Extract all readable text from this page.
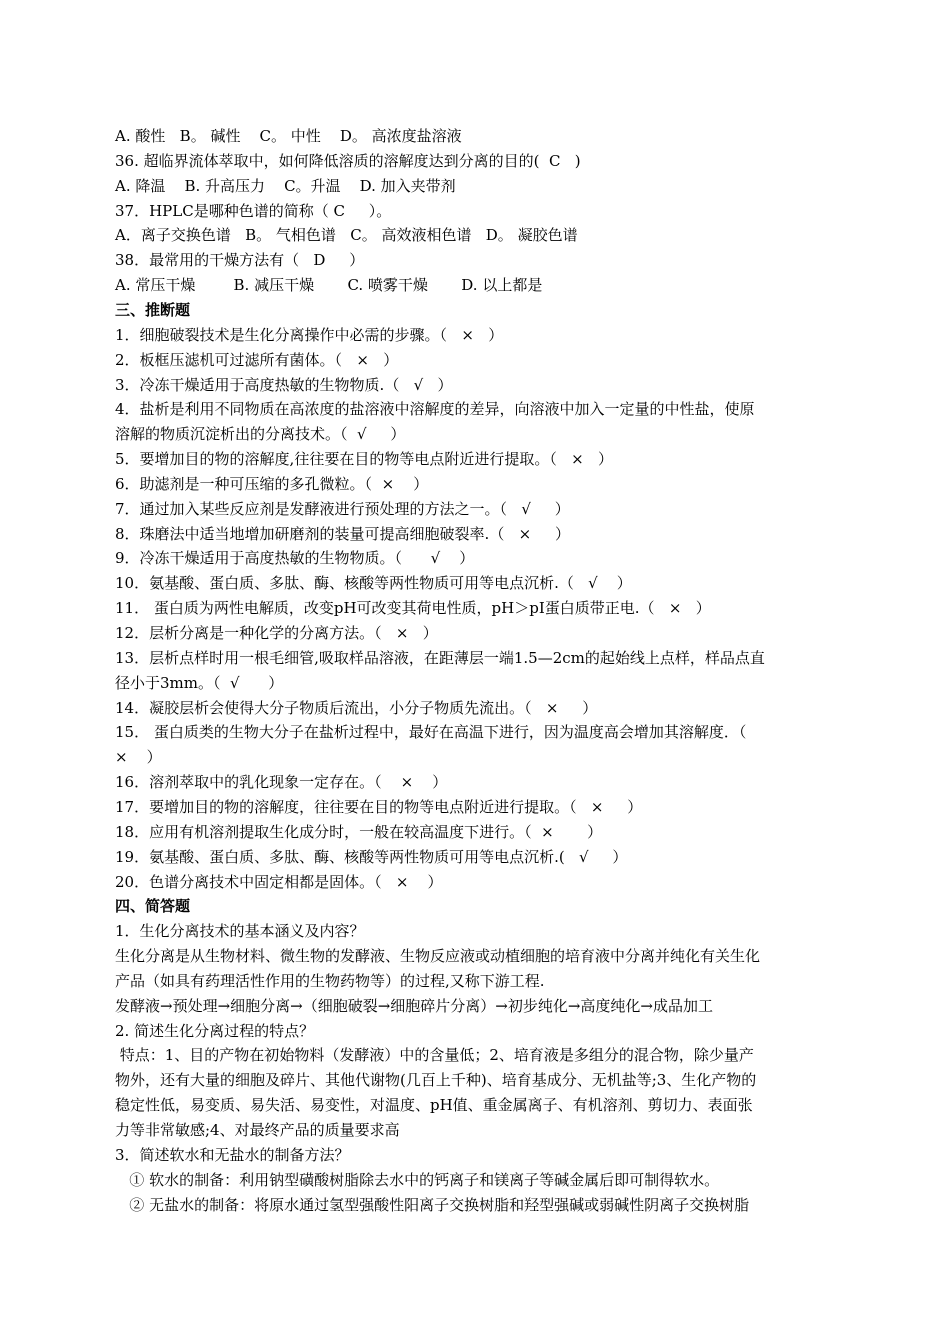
A. 酸性   B。 碱性    C。 中性    D。 高浓度盐溶液
36. 超临界流体萃取中，如何降低溶质的溶解度达到分离的目的(  C   )
A. 降温    B. 升高压力    C。升温    D. 加入夹带剂
37．HPLC是哪种色谱的简称（ C     ）。
A．离子交换色谱   B。 气相色谱   C。 高效液相色谱   D。 凝胶色谱
38．最常用的干燥方法有（   D     ）
A. 常压干燥        B. 减压干燥       C. 喷雾干燥       D. 以上都是
三、推断题
1．细胞破裂技术是生化分离操作中必需的步骤。（   ×   ）
2．板框压滤机可过滤所有菌体。（   ×   ）
3．冷冻干燥适用于高度热敏的生物物质.（   √   ）
4．盐析是利用不同物质在高浓度的盐溶液中溶解度的差异，向溶液中加入一定量的中性盐，使原
溶解的物质沉淀析出的分离技术。（  √     ）
5．要增加目的物的溶解度,往往要在目的物等电点附近进行提取。（   ×   ）
6．助滤剂是一种可压缩的多孔微粒。（  ×    ）
7．通过加入某些反应剂是发酵液进行预处理的方法之一。（   √     ）
8．珠磨法中适当地增加研磨剂的装量可提高细胞破裂率.（   ×     ）
9．冷冻干燥适用于高度热敏的生物物质。（      √    ）
10．氨基酸、蛋白质、多肽、酶、核酸等两性物质可用等电点沉析.（   √    ）
11． 蛋白质为两性电解质，改变pH可改变其荷电性质，pH＞pI蛋白质带正电.（   ×   ）
12．层析分离是一种化学的分离方法。（   ×   ）
13．层析点样时用一根毛细管,吸取样品溶液，在距薄层一端1.5—2cm的起始线上点样，样品点直
径小于3mm。（  √      ）
14．凝胶层析会使得大分子物质后流出，小分子物质先流出。（   ×     ）
15． 蛋白质类的生物大分子在盐析过程中，最好在高温下进行，因为温度高会增加其溶解度．（
×    ）
16．溶剂萃取中的乳化现象一定存在。（    ×    ）
17．要增加目的物的溶解度，往往要在目的物等电点附近进行提取。（   ×     ）
18．应用有机溶剂提取生化成分时，一般在较高温度下进行。（  ×       ）
19．氨基酸、蛋白质、多肽、酶、核酸等两性物质可用等电点沉析.(   √     ）
20．色谱分离技术中固定相都是固体。（   ×    ）
四、简答题
1．生化分离技术的基本涵义及内容？
生化分离是从生物材料、微生物的发酵液、生物反应液或动植细胞的培育液中分离并纯化有关生化
产品（如具有药理活性作用的生物药物等）的过程,又称下游工程.
发酵液→预处理→细胞分离→（细胞破裂→细胞碎片分离）→初步纯化→高度纯化→成品加工
2. 简述生化分离过程的特点？
特点：1、目的产物在初始物料（发酵液）中的含量低；2、培育液是多组分的混合物，除少量产
物外，还有大量的细胞及碎片、其他代谢物(几百上千种)、培育基成分、无机盐等;3、生化产物的
稳定性低，易变质、易失活、易变性，对温度、pH值、重金属离子、有机溶剂、剪切力、表面张
力等非常敏感;4、对最终产品的质量要求高
3．简述软水和无盐水的制备方法？
① 软水的制备：利用钠型磺酸树脂除去水中的钙离子和镁离子等碱金属后即可制得软水。
② 无盐水的制备：将原水通过氢型强酸性阳离子交换树脂和羟型强碱或弱碱性阴离子交换树脂
